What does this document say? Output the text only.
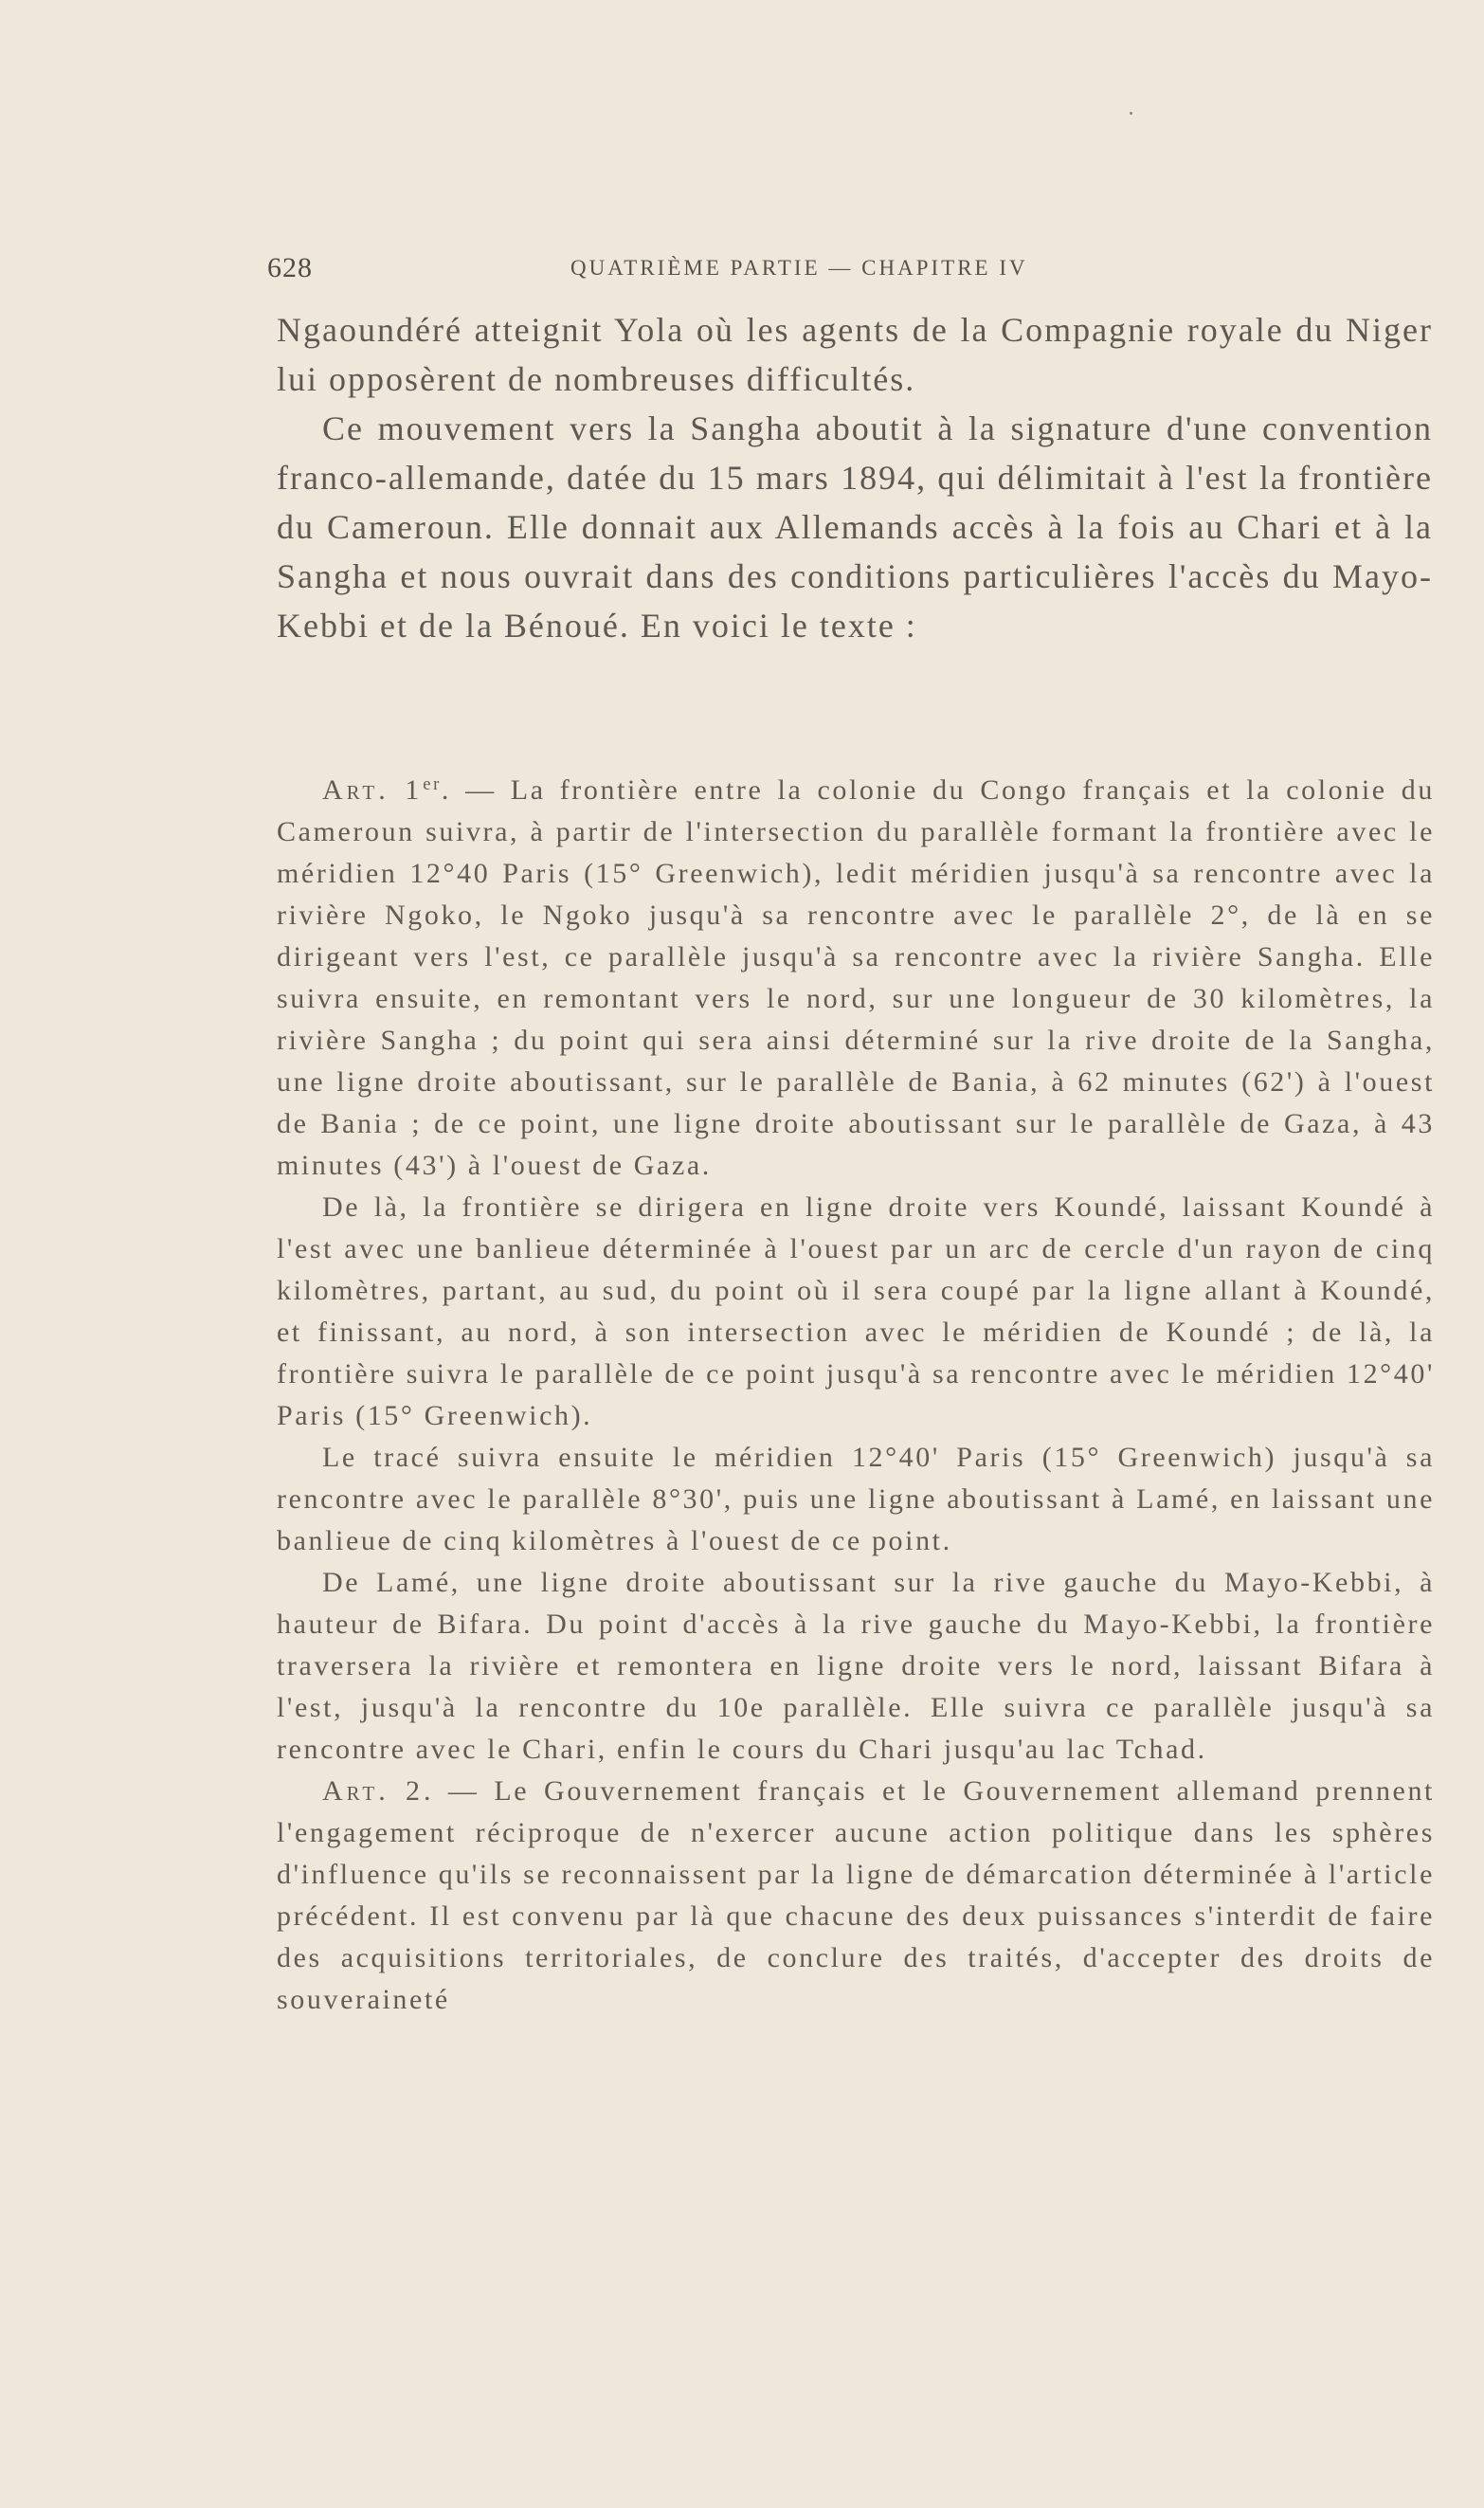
628	QUATRIÈME PARTIE — CHAPITRE IV

Ngaoundéré atteignit Yola où les agents de la Compagnie royale du Niger lui opposèrent de nombreuses difficultés.

Ce mouvement vers la Sangha aboutit à la signature d'une convention franco-allemande, datée du 15 mars 1894, qui délimitait à l'est la frontière du Cameroun. Elle donnait aux Allemands accès à la fois au Chari et à la Sangha et nous ouvrait dans des conditions particulières l'accès du Mayo-Kebbi et de la Bénoué. En voici le texte :

Art. 1er. — La frontière entre la colonie du Congo français et la colonie du Cameroun suivra, à partir de l'intersection du parallèle formant la frontière avec le méridien 12°40 Paris (15° Greenwich), ledit méridien jusqu'à sa rencontre avec la rivière Ngoko, le Ngoko jusqu'à sa rencontre avec le parallèle 2°, de là en se dirigeant vers l'est, ce parallèle jusqu'à sa rencontre avec la rivière Sangha. Elle suivra ensuite, en remontant vers le nord, sur une longueur de 30 kilomètres, la rivière Sangha ; du point qui sera ainsi déterminé sur la rive droite de la Sangha, une ligne droite aboutissant, sur le parallèle de Bania, à 62 minutes (62') à l'ouest de Bania ; de ce point, une ligne droite aboutissant sur le parallèle de Gaza, à 43 minutes (43') à l'ouest de Gaza.

De là, la frontière se dirigera en ligne droite vers Koundé, laissant Koundé à l'est avec une banlieue déterminée à l'ouest par un arc de cercle d'un rayon de cinq kilomètres, partant, au sud, du point où il sera coupé par la ligne allant à Koundé, et finissant, au nord, à son intersection avec le méridien de Koundé ; de là, la frontière suivra le parallèle de ce point jusqu'à sa rencontre avec le méridien 12°40' Paris (15° Greenwich).

Le tracé suivra ensuite le méridien 12°40' Paris (15° Greenwich) jusqu'à sa rencontre avec le parallèle 8°30', puis une ligne aboutissant à Lamé, en laissant une banlieue de cinq kilomètres à l'ouest de ce point.

De Lamé, une ligne droite aboutissant sur la rive gauche du Mayo-Kebbi, à hauteur de Bifara. Du point d'accès à la rive gauche du Mayo-Kebbi, la frontière traversera la rivière et remontera en ligne droite vers le nord, laissant Bifara à l'est, jusqu'à la rencontre du 10e parallèle. Elle suivra ce parallèle jusqu'à sa rencontre avec le Chari, enfin le cours du Chari jusqu'au lac Tchad.

Art. 2. — Le Gouvernement français et le Gouvernement allemand prennent l'engagement réciproque de n'exercer aucune action politique dans les sphères d'influence qu'ils se reconnaissent par la ligne de démarcation déterminée à l'article précédent. Il est convenu par là que chacune des deux puissances s'interdit de faire des acquisitions territoriales, de conclure des traités, d'accepter des droits de souveraineté
